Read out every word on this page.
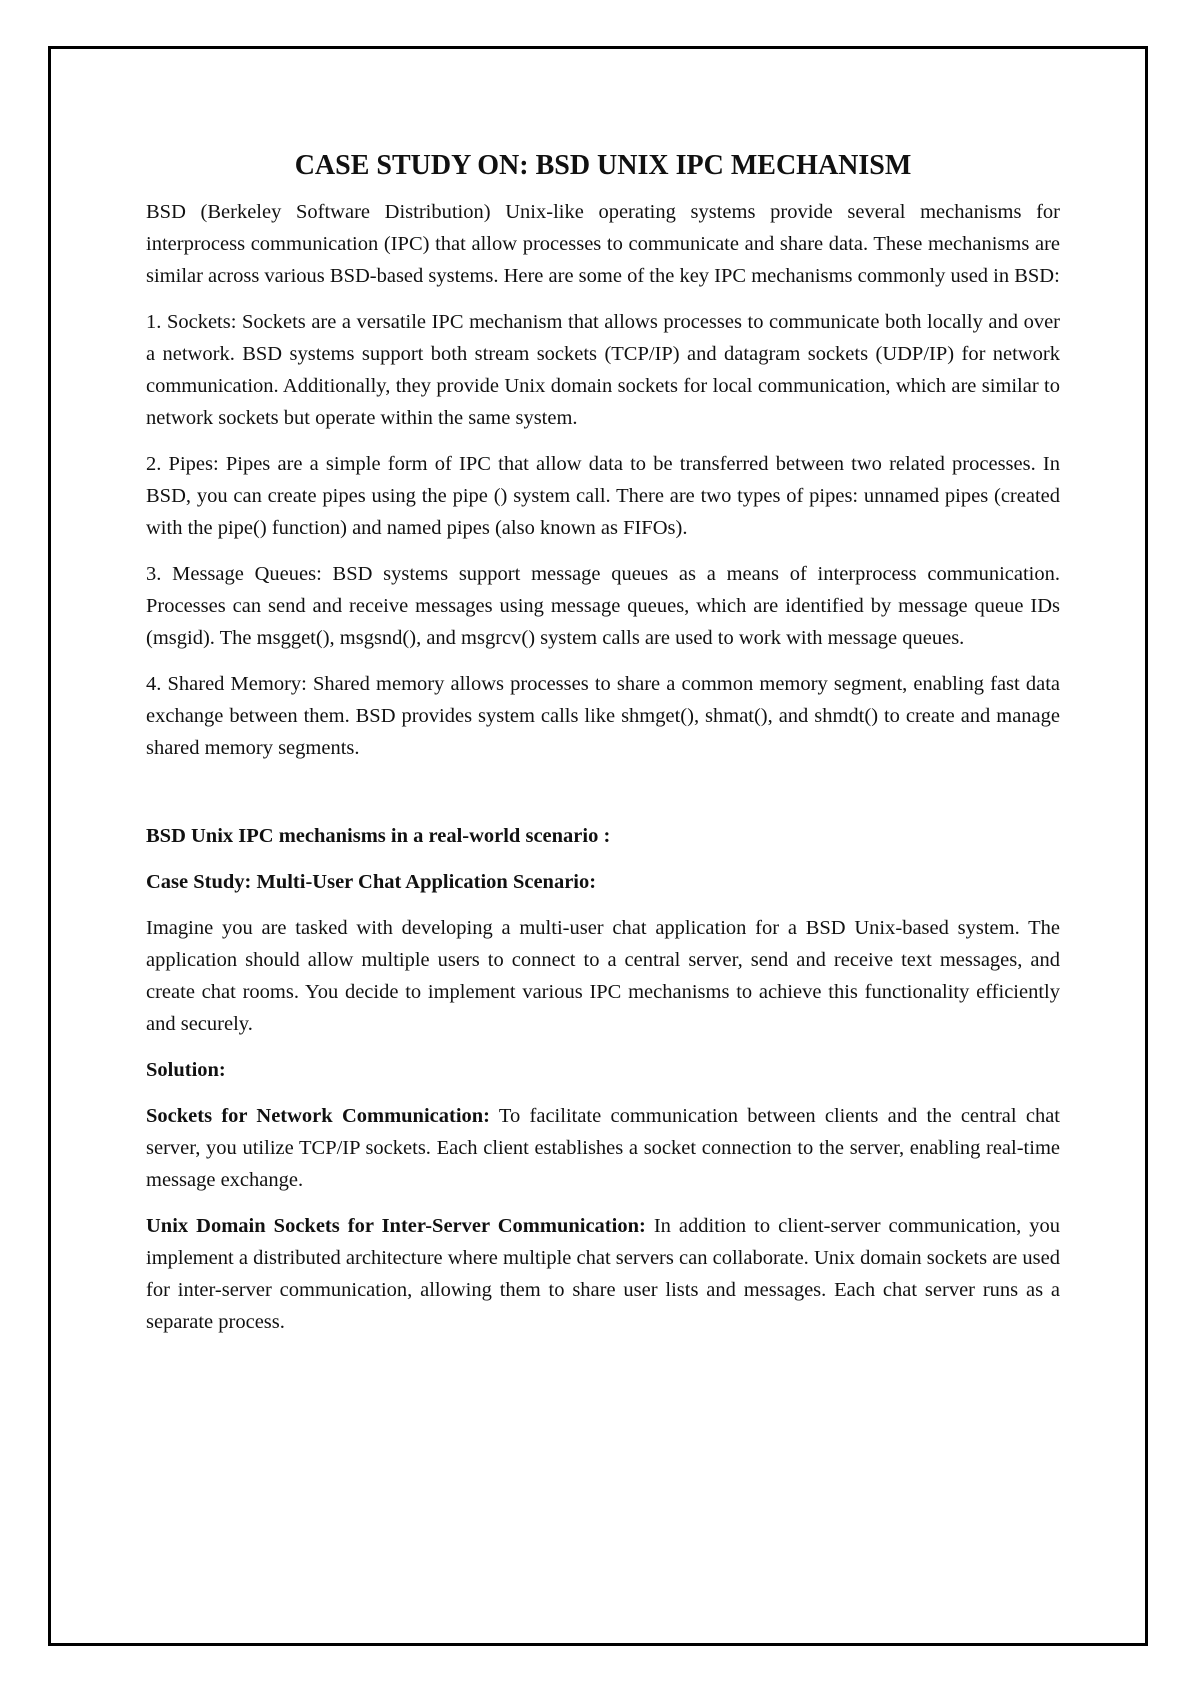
CASE STUDY ON: BSD UNIX IPC MECHANISM

BSD (Berkeley Software Distribution) Unix-like operating systems provide several mechanisms for interprocess communication (IPC) that allow processes to communicate and share data. These mechanisms are similar across various BSD-based systems. Here are some of the key IPC mechanisms commonly used in BSD:

1. Sockets: Sockets are a versatile IPC mechanism that allows processes to communicate both locally and over a network. BSD systems support both stream sockets (TCP/IP) and datagram sockets (UDP/IP) for network communication. Additionally, they provide Unix domain sockets for local communication, which are similar to network sockets but operate within the same system.

2. Pipes: Pipes are a simple form of IPC that allow data to be transferred between two related processes. In BSD, you can create pipes using the pipe () system call. There are two types of pipes: unnamed pipes (created with the pipe() function) and named pipes (also known as FIFOs).

3. Message Queues: BSD systems support message queues as a means of interprocess communication. Processes can send and receive messages using message queues, which are identified by message queue IDs (msgid). The msgget(), msgsnd(), and msgrcv() system calls are used to work with message queues.

4. Shared Memory: Shared memory allows processes to share a common memory segment, enabling fast data exchange between them. BSD provides system calls like shmget(), shmat(), and shmdt() to create and manage shared memory segments.

BSD Unix IPC mechanisms in a real-world scenario :

Case Study: Multi-User Chat Application Scenario:

Imagine you are tasked with developing a multi-user chat application for a BSD Unix-based system. The application should allow multiple users to connect to a central server, send and receive text messages, and create chat rooms. You decide to implement various IPC mechanisms to achieve this functionality efficiently and securely.

Solution:

Sockets for Network Communication: To facilitate communication between clients and the central chat server, you utilize TCP/IP sockets. Each client establishes a socket connection to the server, enabling real-time message exchange.

Unix Domain Sockets for Inter-Server Communication: In addition to client-server communication, you implement a distributed architecture where multiple chat servers can collaborate. Unix domain sockets are used for inter-server communication, allowing them to share user lists and messages. Each chat server runs as a separate process.
